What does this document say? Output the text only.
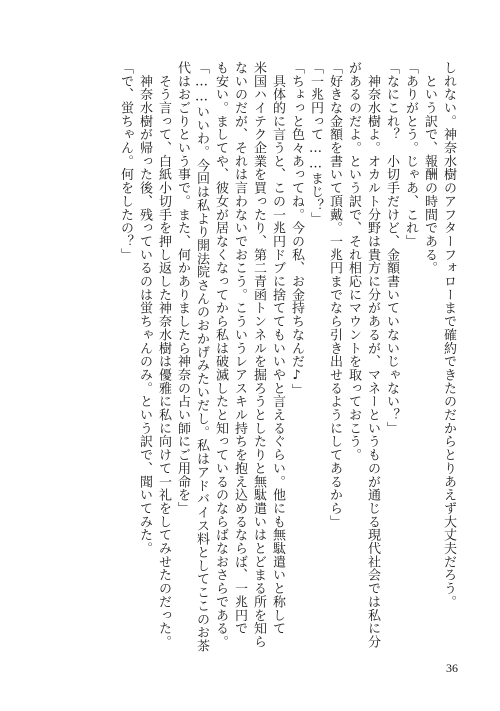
しれない。神奈水樹のアフターフォローまで確約できたのだからとりあえず大丈夫だろう。
　という訳で、報酬の時間である。
「ありがとう。じゃあ、これ」
「なにこれ？　小切手だけど、金額書いていないじゃない？」
　神奈水樹よ。オカルト分野は貴方に分があるが、マネーというものが通じる現代社会では私に分
があるのだよ。という訳で、それ相応にマウントを取っておこう。
「好きな金額を書いて頂戴。一兆円までなら引き出せるようにしてあるから」
「一兆円って……まじ？」
「ちょっと色々あってね。今の私、お金持ちなんだ♪」
　具体的に言うと、この一兆円ドブに捨ててもいいやと言えるぐらい。他にも無駄遣いと称して
米国ハイテク企業を買ったり、第二青函トンネルを掘ろうとしたりと無駄遣いはとどまる所を知ら
ないのだが、それは言わないでおこう。こういうレアスキル持ちを抱え込めるならば、一兆円で
も安い。ましてや、彼女が居なくなってから私は破滅したと知っているのならばなおさらである。
「……いいわ。今回は私より開法院さんのおかげみたいだし。私はアドバイス料としてここのお茶
代はおごりという事で。また、何かありましたら神奈の占い師にご用命を」
　そう言って、白紙小切手を押し返した神奈水樹は優雅に私に向けて一礼をしてみせたのだった。
　神奈水樹が帰った後、残っているのは蛍ちゃんのみ。という訳で、聞いてみた。
「で、蛍ちゃん。何をしたの？」
36
